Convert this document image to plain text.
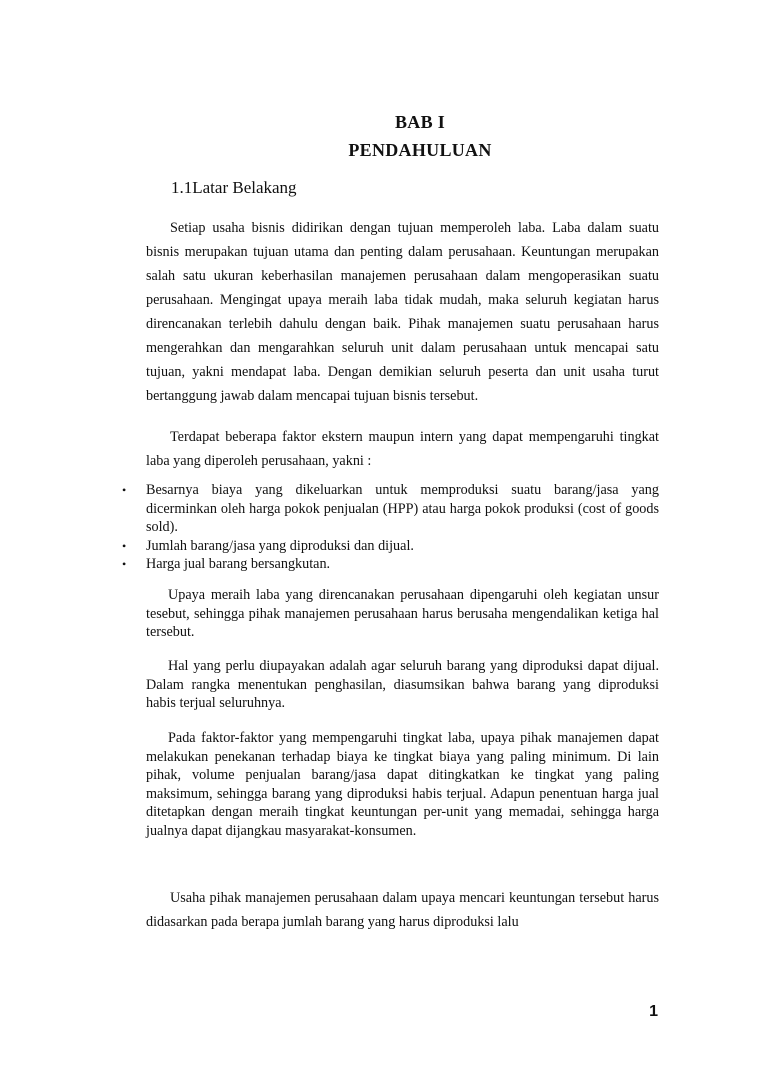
BAB I
PENDAHULUAN
1.1Latar Belakang

Setiap usaha bisnis didirikan dengan tujuan memperoleh laba. Laba dalam suatu bisnis merupakan tujuan utama dan penting dalam perusahaan. Keuntungan merupakan salah satu ukuran keberhasilan manajemen perusahaan dalam mengoperasikan suatu perusahaan. Mengingat upaya meraih laba tidak mudah, maka seluruh kegiatan harus direncanakan terlebih dahulu dengan baik. Pihak manajemen suatu perusahaan harus mengerahkan dan mengarahkan seluruh unit dalam perusahaan untuk mencapai satu tujuan, yakni mendapat laba. Dengan demikian seluruh peserta dan unit usaha turut bertanggung jawab dalam mencapai tujuan bisnis tersebut.

Terdapat beberapa faktor ekstern maupun intern yang dapat mempengaruhi tingkat laba yang diperoleh perusahaan, yakni :

• Besarnya biaya yang dikeluarkan untuk memproduksi suatu barang/jasa yang dicerminkan oleh harga pokok penjualan (HPP) atau harga pokok produksi (cost of goods sold).
• Jumlah barang/jasa yang diproduksi dan dijual.
• Harga jual barang bersangkutan.

Upaya meraih laba yang direncanakan perusahaan dipengaruhi oleh kegiatan unsur tesebut, sehingga pihak manajemen perusahaan harus berusaha mengendalikan ketiga hal tersebut.

Hal yang perlu diupayakan adalah agar seluruh barang yang diproduksi dapat dijual. Dalam rangka menentukan penghasilan, diasumsikan bahwa barang yang diproduksi habis terjual seluruhnya.

Pada faktor-faktor yang mempengaruhi tingkat laba, upaya pihak manajemen dapat melakukan penekanan terhadap biaya ke tingkat biaya yang paling minimum. Di lain pihak, volume penjualan barang/jasa dapat ditingkatkan ke tingkat yang paling maksimum, sehingga barang yang diproduksi habis terjual. Adapun penentuan harga jual ditetapkan dengan meraih tingkat keuntungan per-unit yang memadai, sehingga harga jualnya dapat dijangkau masyarakat-konsumen.

Usaha pihak manajemen perusahaan dalam upaya mencari keuntungan tersebut harus didasarkan pada berapa jumlah barang yang harus diproduksi lalu

1
